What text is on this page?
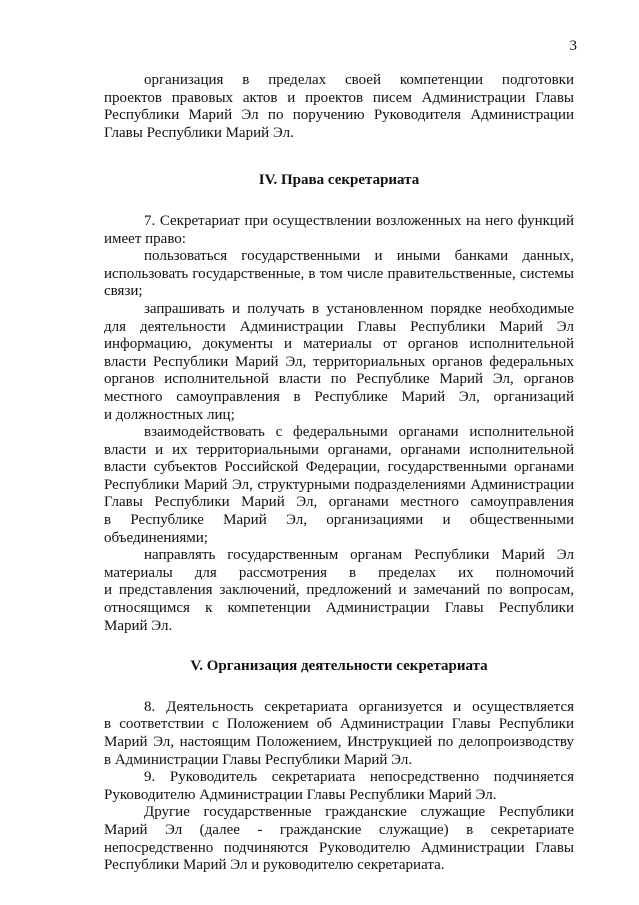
3
организация в пределах своей компетенции подготовки
проектов правовых актов и проектов писем Администрации Главы
Республики Марий Эл по поручению Руководителя Администрации
Главы Республики Марий Эл.
IV. Права секретариата
7. Секретариат при осуществлении возложенных на него функций
имеет право:
пользоваться государственными и иными банками данных,
использовать государственные, в том числе правительственные, системы
связи;
запрашивать и получать в установленном порядке необходимые
для деятельности Администрации Главы Республики Марий Эл
информацию, документы и материалы от органов исполнительной
власти Республики Марий Эл, территориальных органов федеральных
органов исполнительной власти по Республике Марий Эл, органов
местного самоуправления в Республике Марий Эл, организаций
и должностных лиц;
взаимодействовать с федеральными органами исполнительной
власти и их территориальными органами, органами исполнительной
власти субъектов Российской Федерации, государственными органами
Республики Марий Эл, структурными подразделениями Администрации
Главы Республики Марий Эл, органами местного самоуправления
в Республике Марий Эл, организациями и общественными
объединениями;
направлять государственным органам Республики Марий Эл
материалы для рассмотрения в пределах их полномочий
и представления заключений, предложений и замечаний по вопросам,
относящимся к компетенции Администрации Главы Республики
Марий Эл.
V. Организация деятельности секретариата
8. Деятельность секретариата организуется и осуществляется
в соответствии с Положением об Администрации Главы Республики
Марий Эл, настоящим Положением, Инструкцией по делопроизводству
в Администрации Главы Республики Марий Эл.
9. Руководитель секретариата непосредственно подчиняется
Руководителю Администрации Главы Республики Марий Эл.
Другие государственные гражданские служащие Республики
Марий Эл (далее - гражданские служащие) в секретариате
непосредственно подчиняются Руководителю Администрации Главы
Республики Марий Эл и руководителю секретариата.
